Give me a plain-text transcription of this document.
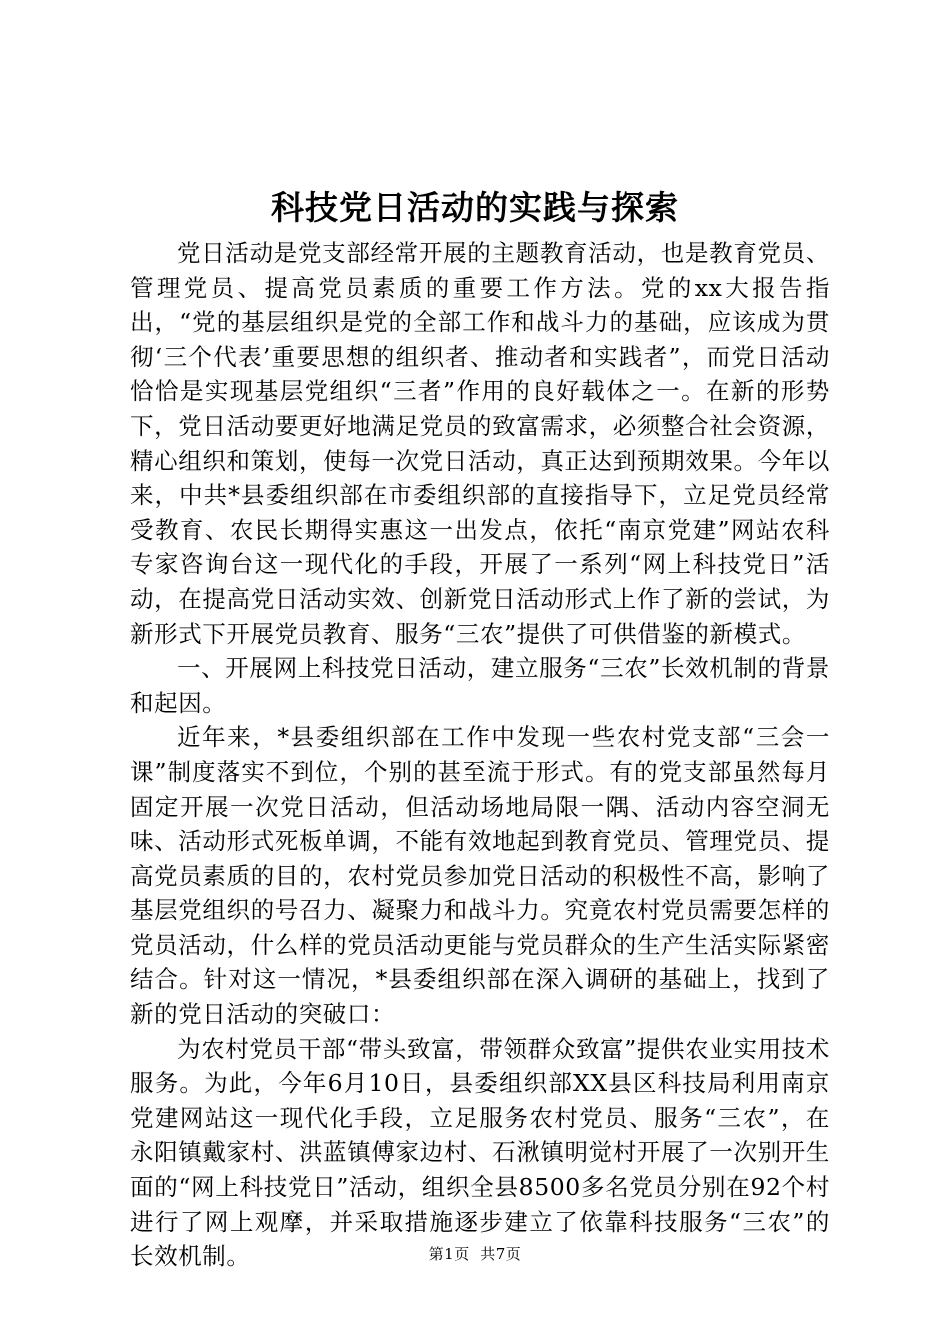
科技党日活动的实践与探索

党日活动是党支部经常开展的主题教育活动，也是教育党员、管理党员、提高党员素质的重要工作方法。党的xx大报告指出，“党的基层组织是党的全部工作和战斗力的基础，应该成为贯彻‘三个代表’重要思想的组织者、推动者和实践者”，而党日活动恰恰是实现基层党组织“三者”作用的良好载体之一。在新的形势下，党日活动要更好地满足党员的致富需求，必须整合社会资源，精心组织和策划，使每一次党日活动，真正达到预期效果。今年以来，中共*县委组织部在市委组织部的直接指导下，立足党员经常受教育、农民长期得实惠这一出发点，依托“南京党建”网站农科专家咨询台这一现代化的手段，开展了一系列“网上科技党日”活动，在提高党日活动实效、创新党日活动形式上作了新的尝试，为新形式下开展党员教育、服务“三农”提供了可供借鉴的新模式。

一、开展网上科技党日活动，建立服务“三农”长效机制的背景和起因。

近年来，*县委组织部在工作中发现一些农村党支部“三会一课”制度落实不到位，个别的甚至流于形式。有的党支部虽然每月固定开展一次党日活动，但活动场地局限一隅、活动内容空洞无味、活动形式死板单调，不能有效地起到教育党员、管理党员、提高党员素质的目的，农村党员参加党日活动的积极性不高，影响了基层党组织的号召力、凝聚力和战斗力。究竟农村党员需要怎样的党员活动，什么样的党员活动更能与党员群众的生产生活实际紧密结合。针对这一情况，*县委组织部在深入调研的基础上，找到了新的党日活动的突破口：

为农村党员干部“带头致富，带领群众致富”提供农业实用技术服务。为此，今年6月10日，县委组织部XX县区科技局利用南京党建网站这一现代化手段，立足服务农村党员、服务“三农”，在永阳镇戴家村、洪蓝镇傅家边村、石湫镇明觉村开展了一次别开生面的“网上科技党日”活动，组织全县8500多名党员分别在92个村进行了网上观摩，并采取措施逐步建立了依靠科技服务“三农”的长效机制。	第1页 共7页
